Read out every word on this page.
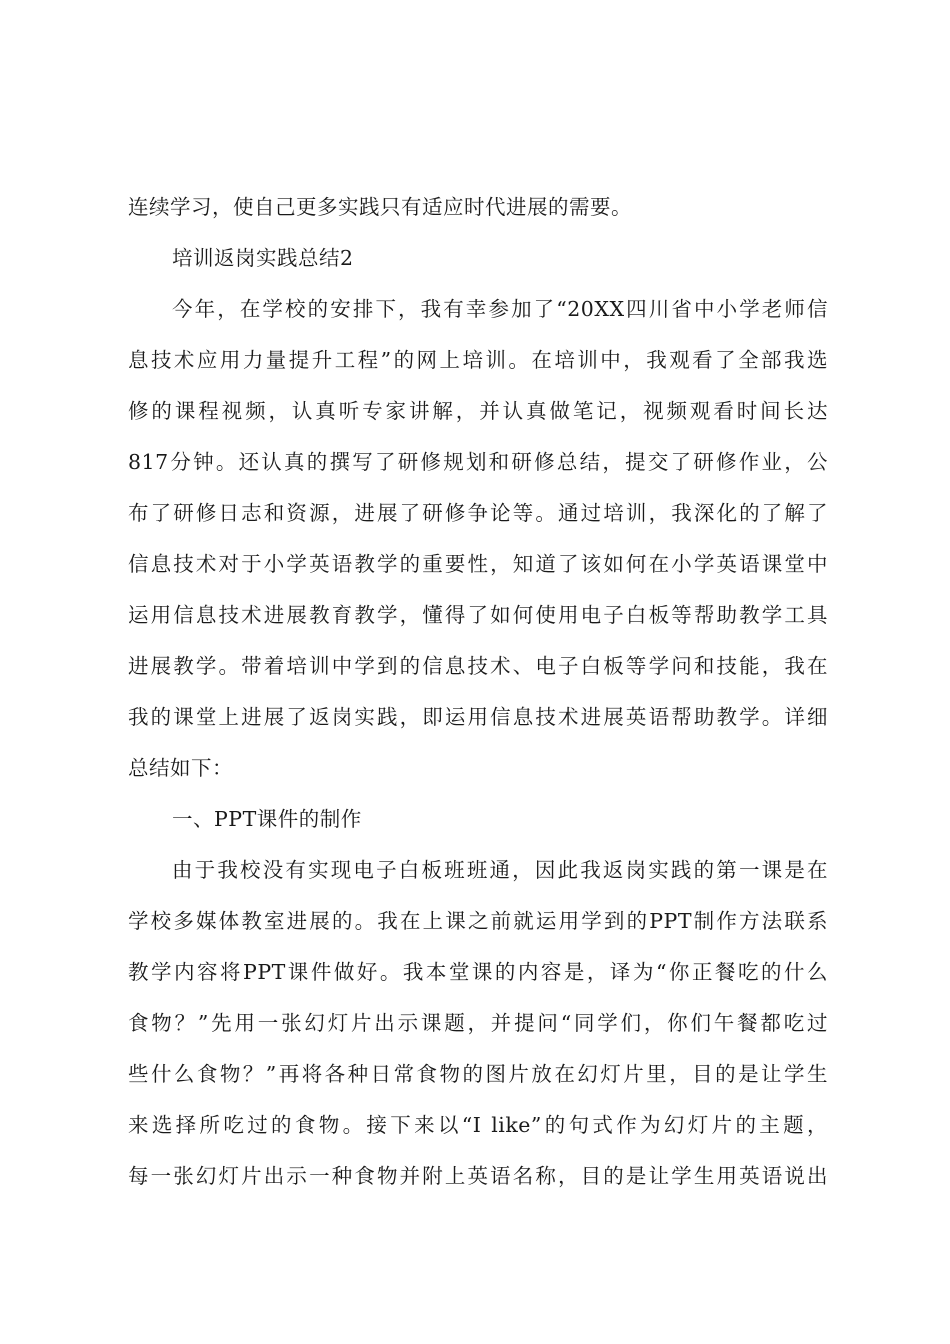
连续学习，使自己更多实践只有适应时代进展的需要。
培训返岗实践总结2
今年，在学校的安排下，我有幸参加了“20XX四川省中小学老师信
息技术应用力量提升工程”的网上培训。在培训中，我观看了全部我选
修的课程视频，认真听专家讲解，并认真做笔记，视频观看时间长达
817分钟。还认真的撰写了研修规划和研修总结，提交了研修作业，公
布了研修日志和资源，进展了研修争论等。通过培训，我深化的了解了
信息技术对于小学英语教学的重要性，知道了该如何在小学英语课堂中
运用信息技术进展教育教学，懂得了如何使用电子白板等帮助教学工具
进展教学。带着培训中学到的信息技术、电子白板等学问和技能，我在
我的课堂上进展了返岗实践，即运用信息技术进展英语帮助教学。详细
总结如下：
一、PPT课件的制作
由于我校没有实现电子白板班班通，因此我返岗实践的第一课是在
学校多媒体教室进展的。我在上课之前就运用学到的PPT制作方法联系
教学内容将PPT课件做好。我本堂课的内容是，译为“你正餐吃的什么
食物？”先用一张幻灯片出示课题，并提问“同学们，你们午餐都吃过
些什么食物？”再将各种日常食物的图片放在幻灯片里，目的是让学生
来选择所吃过的食物。接下来以“I like”的句式作为幻灯片的主题，
每一张幻灯片出示一种食物并附上英语名称，目的是让学生用英语说出
